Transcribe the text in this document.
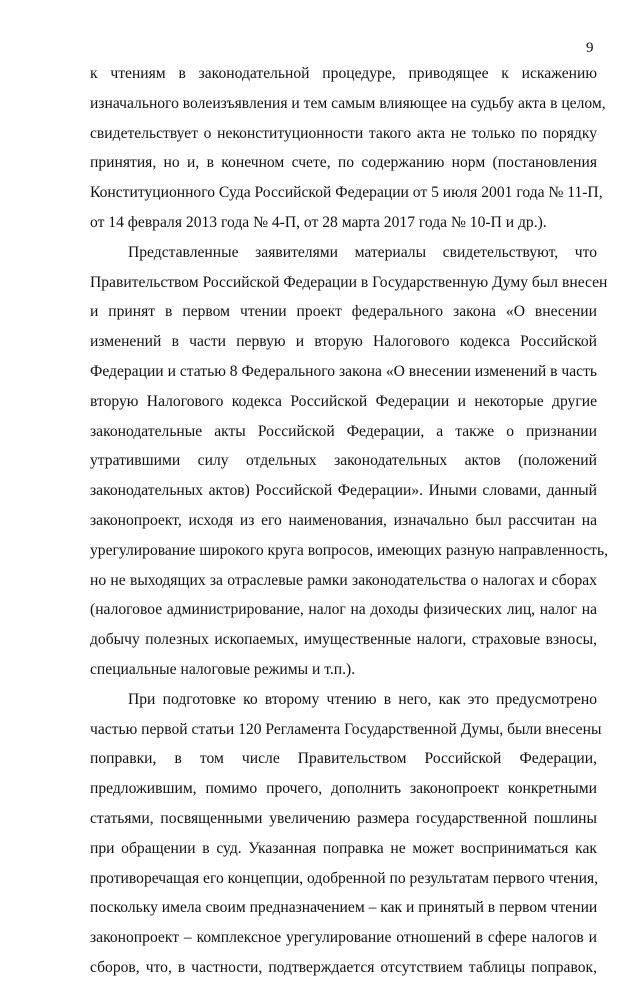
9
к чтениям в законодательной процедуре, приводящее к искажению
изначального волеизъявления и тем самым влияющее на судьбу акта в целом,
свидетельствует о неконституционности такого акта не только по порядку
принятия, но и, в конечном счете, по содержанию норм (постановления
Конституционного Суда Российской Федерации от 5 июля 2001 года № 11-П,
от 14 февраля 2013 года № 4-П, от 28 марта 2017 года № 10-П и др.).
Представленные заявителями материалы свидетельствуют, что
Правительством Российской Федерации в Государственную Думу был внесен
и принят в первом чтении проект федерального закона «О внесении
изменений в части первую и вторую Налогового кодекса Российской
Федерации и статью 8 Федерального закона «О внесении изменений в часть
вторую Налогового кодекса Российской Федерации и некоторые другие
законодательные акты Российской Федерации, а также о признании
утратившими силу отдельных законодательных актов (положений
законодательных актов) Российской Федерации». Иными словами, данный
законопроект, исходя из его наименования, изначально был рассчитан на
урегулирование широкого круга вопросов, имеющих разную направленность,
но не выходящих за отраслевые рамки законодательства о налогах и сборах
(налоговое администрирование, налог на доходы физических лиц, налог на
добычу полезных ископаемых, имущественные налоги, страховые взносы,
специальные налоговые режимы и т.п.).
При подготовке ко второму чтению в него, как это предусмотрено
частью первой статьи 120 Регламента Государственной Думы, были внесены
поправки, в том числе Правительством Российской Федерации,
предложившим, помимо прочего, дополнить законопроект конкретными
статьями, посвященными увеличению размера государственной пошлины
при обращении в суд. Указанная поправка не может восприниматься как
противоречащая его концепции, одобренной по результатам первого чтения,
поскольку имела своим предназначением – как и принятый в первом чтении
законопроект – комплексное урегулирование отношений в сфере налогов и
сборов, что, в частности, подтверждается отсутствием таблицы поправок,
